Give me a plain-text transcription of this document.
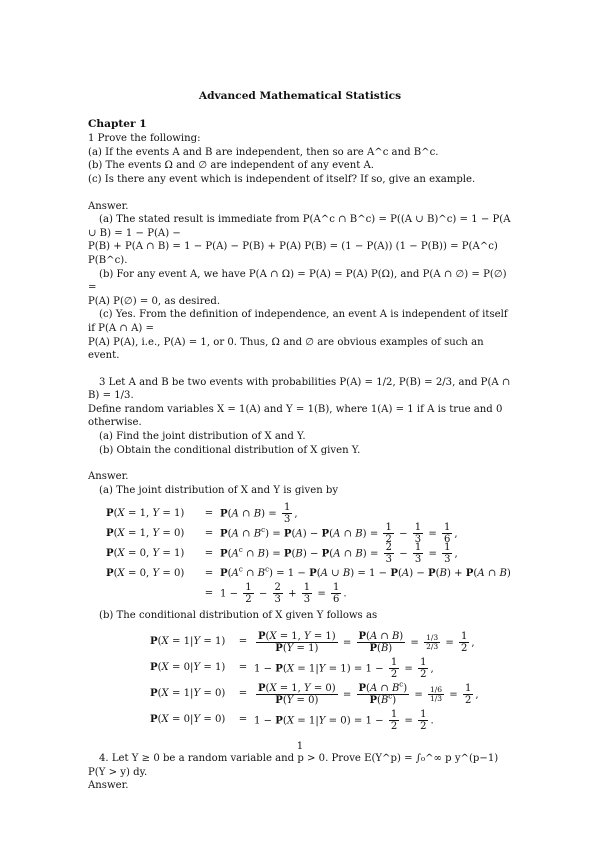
Advanced Mathematical Statistics

Chapter 1

1 Prove the following:

(a) If the events A and B are independent, then so are A^c and B^c.

(b) The events Ω and ∅ are independent of any event A.

(c) Is there any event which is independent of itself? If so, give an example.

Answer.

(a) The stated result is immediate from P(A^c ∩ B^c) = P((A ∪ B)^c) = 1 − P(A ∪ B) = 1 − P(A) −

P(B) + P(A ∩ B) = 1 − P(A) − P(B) + P(A) P(B) = (1 − P(A)) (1 − P(B)) = P(A^c) P(B^c).

(b) For any event A, we have P(A ∩ Ω) = P(A) = P(A) P(Ω), and P(A ∩ ∅) = P(∅) =

P(A) P(∅) = 0, as desired.

(c) Yes. From the definition of independence, an event A is independent of itself if P(A ∩ A) =

P(A) P(A), i.e., P(A) = 1, or 0. Thus, Ω and ∅ are obvious examples of such an event.

3 Let A and B be two events with probabilities P(A) = 1/2, P(B) = 2/3, and P(A ∩ B) = 1/3.

Define random variables X = 1(A) and Y = 1(B), where 1(A) = 1 if A is true and 0 otherwise.

(a) Find the joint distribution of X and Y.

(b) Obtain the conditional distribution of X given Y.

Answer.

(a) The joint distribution of X and Y is given by

P(X = 1, Y = 1)	= P(A ∩ $B) = \frac{1}{3}$ ,
P(X = 1, Y = 0)	= P(A ∩ $B^c) = P(A) - P(A$ ∩ $B) = \frac{1}{2} - \frac{1}{3} = \frac{1}{6}$ ,
P(X = 0, Y = 1)	= $P(A^c$ ∩ B) = P(B) − P(A ∩ $B) = \frac{2}{3} - \frac{1}{3} = \frac{1}{3}$ ,
P(X = 0, Y = 0)	= $P(A^c$ ∩ $B^c) = 1 - P(A$ ∪ B) = 1 − P(A) − P(B) + P(A ∩ B)
= $1 - \frac{1}{2} - \frac{2}{3} + \frac{1}{3} = \frac{1}{6}$ .

(b) The conditional distribution of X given Y follows as

P(X = 1|Y = 1)	= $\frac{P(X = 1, Y = 1)}{P(Y = 1)} = \frac{P(A \cap B)}{P(B)} = \frac{1/3}{2/3} = \frac{1}{2}$ ,
P(X = 0|Y = 1)	= $1 - P(X = 1|Y = 1) = 1 - \frac{1}{2} = \frac{1}{2}$ ,
P(X = 1|Y = 0)	= $\frac{P(X = 1, Y = 0)}{P(Y = 0)} = \frac{P(A \cap B^c)}{P(B^c)} = \frac{1/6}{1/3} = \frac{1}{2}$ ,
P(X = 0|Y = 0)	= $1 - P(X = 1|Y = 0) = 1 - \frac{1}{2} = \frac{1}{2}$ .

4. Let Y ≥ 0 be a random variable and p > 0. Prove E(Y^p) = ∫₀^∞ p y^(p−1) P(Y > y) dy.

Answer.

1
